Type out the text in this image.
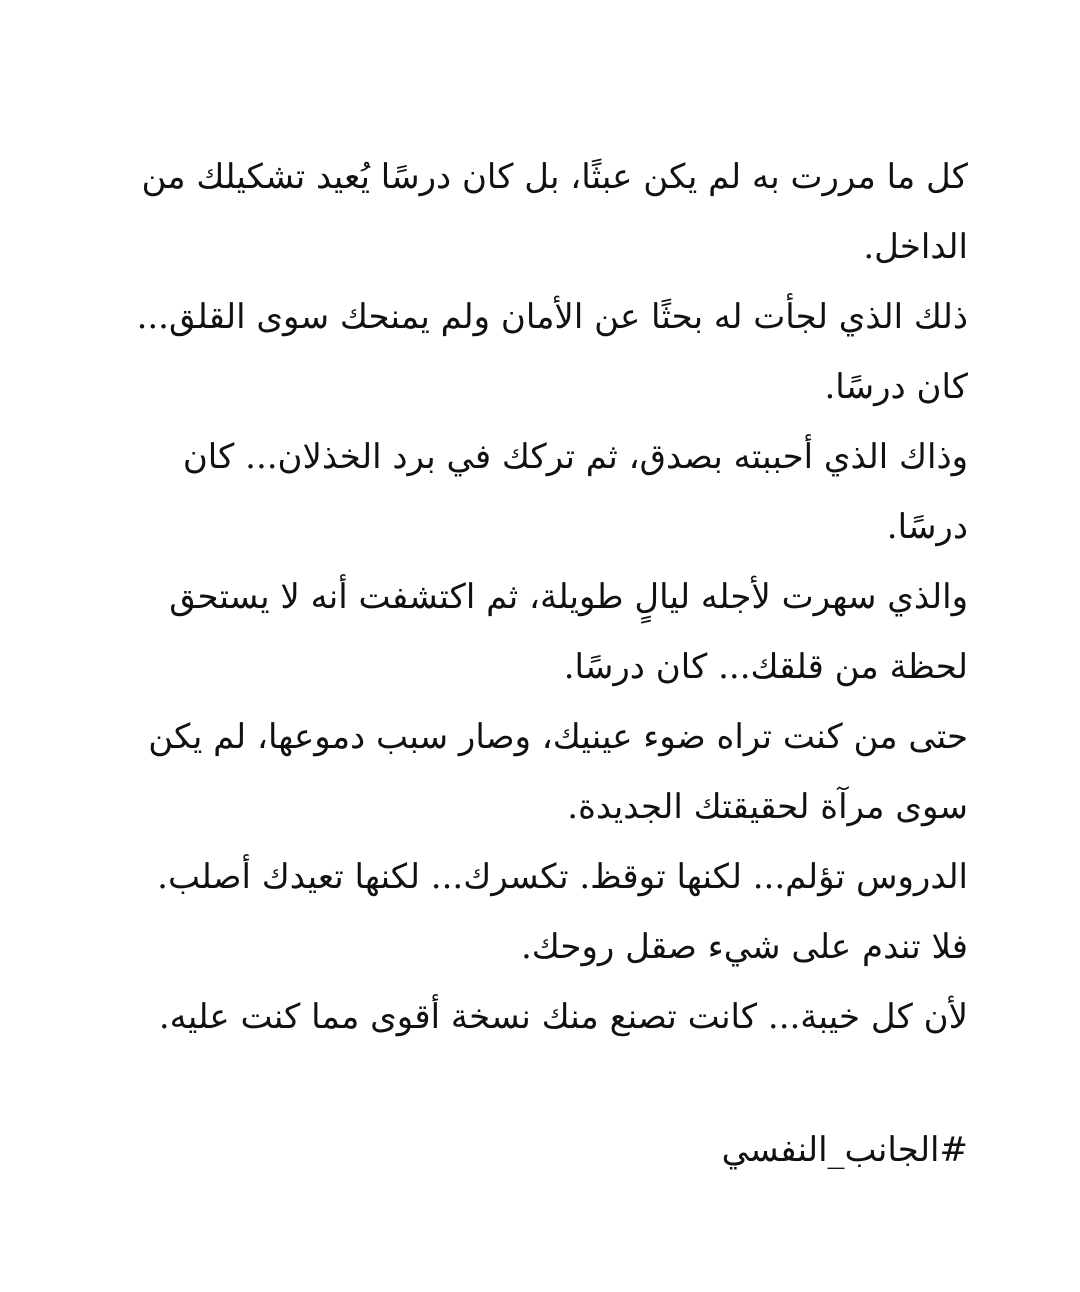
كل ما مررت به لم يكن عبثًا، بل كان درسًا يُعيد تشكيلك من
الداخل.
ذلك الذي لجأت له بحثًا عن الأمان ولم يمنحك سوى القلق...
كان درسًا.
وذاك الذي أحببته بصدق، ثم تركك في برد الخذلان... كان
درسًا.
والذي سهرت لأجله ليالٍ طويلة، ثم اكتشفت أنه لا يستحق
لحظة من قلقك... كان درسًا.
حتى من كنت تراه ضوء عينيك، وصار سبب دموعها، لم يكن
سوى مرآة لحقيقتك الجديدة.
الدروس تؤلم... لكنها توقظ. تكسرك... لكنها تعيدك أصلب.
فلا تندم على شيء صقل روحك.
لأن كل خيبة... كانت تصنع منك نسخة أقوى مما كنت عليه.
#الجانب_النفسي
